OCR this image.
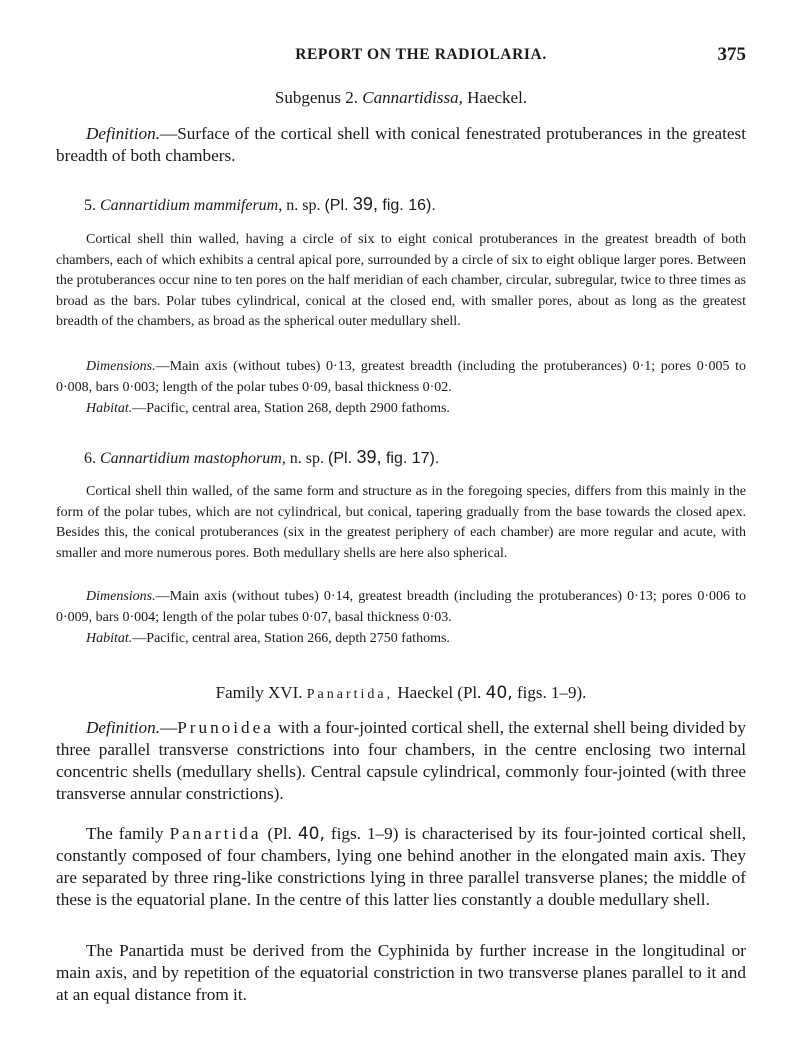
REPORT ON THE RADIOLARIA.	375
Subgenus 2. Cannartidissa, Haeckel.

Definition.—Surface of the cortical shell with conical fenestrated protuberances in the greatest breadth of both chambers.

5. Cannartidium mammiferum, n. sp. (Pl. 39, fig. 16).

Cortical shell thin walled, having a circle of six to eight conical protuberances in the greatest breadth of both chambers, each of which exhibits a central apical pore, surrounded by a circle of six to eight oblique larger pores. Between the protuberances occur nine to ten pores on the half meridian of each chamber, circular, subregular, twice to three times as broad as the bars. Polar tubes cylindrical, conical at the closed end, with smaller pores, about as long as the greatest breadth of the chambers, as broad as the spherical outer medullary shell.

Dimensions.—Main axis (without tubes) 0·13, greatest breadth (including the protuberances) 0·1; pores 0·005 to 0·008, bars 0·003; length of the polar tubes 0·09, basal thickness 0·02.

Habitat.—Pacific, central area, Station 268, depth 2900 fathoms.

6. Cannartidium mastophorum, n. sp. (Pl. 39, fig. 17).

Cortical shell thin walled, of the same form and structure as in the foregoing species, differs from this mainly in the form of the polar tubes, which are not cylindrical, but conical, tapering gradually from the base towards the closed apex. Besides this, the conical protuberances (six in the greatest periphery of each chamber) are more regular and acute, with smaller and more numerous pores. Both medullary shells are here also spherical.

Dimensions.—Main axis (without tubes) 0·14, greatest breadth (including the protuberances) 0·13; pores 0·006 to 0·009, bars 0·004; length of the polar tubes 0·07, basal thickness 0·03.

Habitat.—Pacific, central area, Station 266, depth 2750 fathoms.

Family XVI. Panartida, Haeckel (Pl. 40, figs. 1–9).

Definition.—Prunoidea with a four-jointed cortical shell, the external shell being divided by three parallel transverse constrictions into four chambers, in the centre enclosing two internal concentric shells (medullary shells). Central capsule cylindrical, commonly four-jointed (with three transverse annular constrictions).

The family Panartida (Pl. 40, figs. 1–9) is characterised by its four-jointed cortical shell, constantly composed of four chambers, lying one behind another in the elongated main axis. They are separated by three ring-like constrictions lying in three parallel transverse planes; the middle of these is the equatorial plane. In the centre of this latter lies constantly a double medullary shell.

The Panartida must be derived from the Cyphinida by further increase in the longitudinal or main axis, and by repetition of the equatorial constriction in two transverse planes parallel to it and at an equal distance from it.
